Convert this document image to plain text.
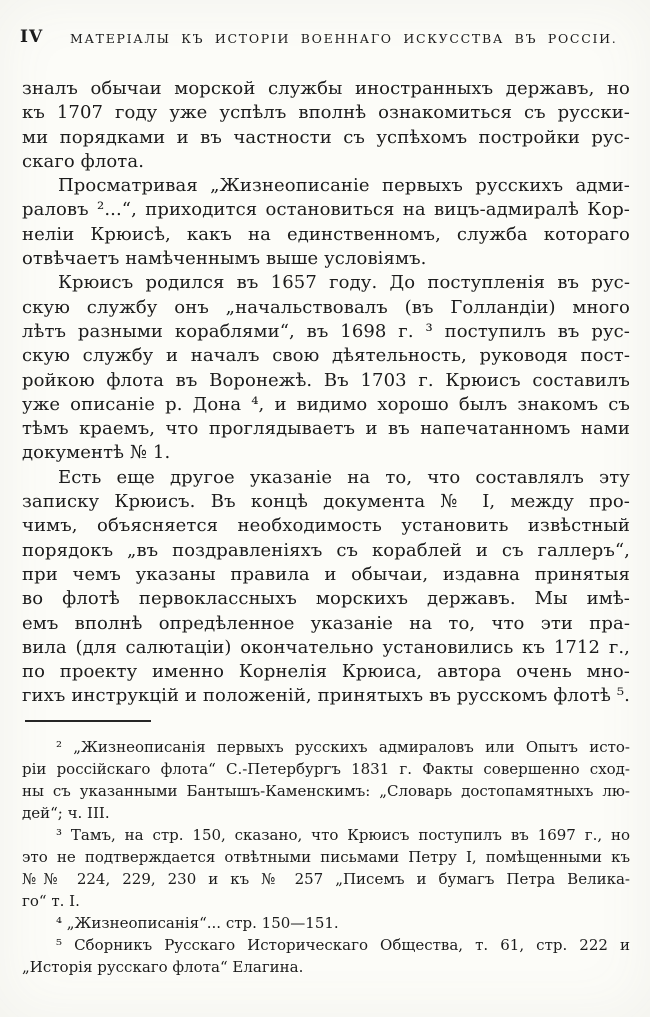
IV МАТЕРІАЛЫ КЪ ИСТОРІИ ВОЕННАГО ИСКУССТВА ВЪ РОССІИ.
зналъ обычаи морской службы иностранныхъ державъ, но
къ 1707 году уже успѣлъ вполнѣ ознакомиться съ русски-
ми порядками и въ частности съ успѣхомъ постройки рус-
скаго флота.
Просматривая „Жизнеописаніе первыхъ русскихъ адми-
раловъ ²...“, приходится остановиться на вицъ-адмиралѣ Кор-
неліи Крюисѣ, какъ на единственномъ, служба котораго
отвѣчаетъ намѣченнымъ выше условіямъ.
Крюисъ родился въ 1657 году. До поступленія въ рус-
скую службу онъ „начальствовалъ (въ Голландіи) много
лѣтъ разными кораблями“, въ 1698 г. ³ поступилъ въ рус-
скую службу и началъ свою дѣятельность, руководя пост-
ройкою флота въ Воронежѣ. Въ 1703 г. Крюисъ составилъ
уже описаніе р. Дона ⁴, и видимо хорошо былъ знакомъ съ
тѣмъ краемъ, что проглядываетъ и въ напечатанномъ нами
документѣ № 1.
Есть еще другое указаніе на то, что составлялъ эту
записку Крюисъ. Въ концѣ документа № I, между про-
чимъ, объясняется необходимость установить извѣстный
порядокъ „въ поздравленіяхъ съ кораблей и съ галлеръ“,
при чемъ указаны правила и обычаи, издавна принятыя
во флотѣ первоклассныхъ морскихъ державъ. Мы имѣ-
емъ вполнѣ опредѣленное указаніе на то, что эти пра-
вила (для салютаціи) окончательно установились къ 1712 г.,
по проекту именно Корнелія Крюиса, автора очень мно-
гихъ инструкцій и положеній, принятыхъ въ русскомъ флотѣ ⁵.
² „Жизнеописанія первыхъ русскихъ адмираловъ или Опытъ исто-
ріи россійскаго флота“ С.-Петербургъ 1831 г. Факты совершенно сход-
ны съ указанными Бантышъ-Каменскимъ: „Словарь достопамятныхъ лю-
дей“; ч. III.
³ Тамъ, на стр. 150, сказано, что Крюисъ поступилъ въ 1697 г., но
это не подтверждается отвѣтными письмами Петру I, помѣщенными къ
№№ 224, 229, 230 и къ № 257 „Писемъ и бумагъ Петра Велика-
го“ т. I.
⁴ „Жизнеописанія“... стр. 150—151.
⁵ Сборникъ Русскаго Историческаго Общества, т. 61, стр. 222 и
„Исторія русскаго флота“ Елагина.
